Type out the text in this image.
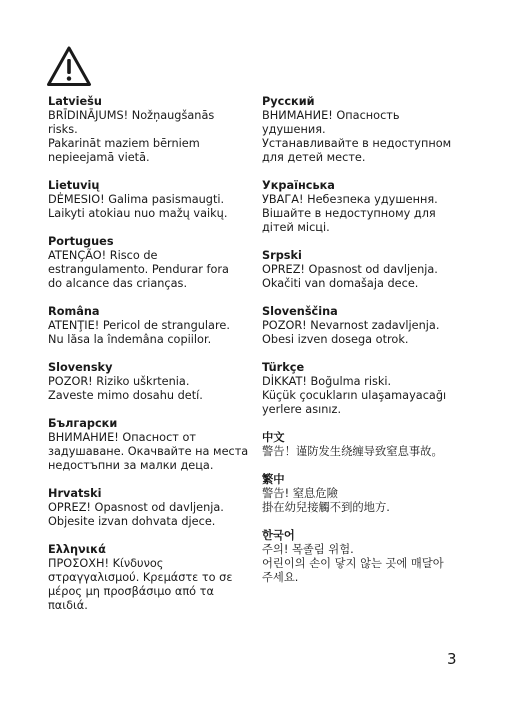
Latviešu

BRĪDINĀJUMS! Nožņaugšanās
risks.
Pakarināt maziem bērniem
nepieejamā vietā.

Lietuvių

DĖMESIO! Galima pasismaugti.
Laikyti atokiau nuo mažų vaikų.

Portugues

ATENÇÃO! Risco de
estrangulamento. Pendurar fora
do alcance das crianças.

Româna

ATENŢIE! Pericol de strangulare.
Nu lăsa la îndemâna copiilor.

Slovensky

POZOR! Riziko uškrtenia.
Zaveste mimo dosahu detí.

Български

ВНИМАНИЕ! Опасност от
задушаване. Окачвайте на места
недостъпни за малки деца.

Hrvatski

OPREZ! Opasnost od davljenja.
Objesite izvan dohvata djece.

Ελληνικά

ΠΡΟΣΟΧΗ! Κίνδυνος
στραγγαλισμού. Κρεμάστε το σε
μέρος μη προσβάσιμο από τα
παιδιά.

Русский

ВНИМАНИЕ! Опасность
удушения.
Устанавливайте в недоступном
для детей месте.

Українська

УВАГА! Небезпека удушення.
Вішайте в недоступному для
дітей місці.

Srpski

OPREZ! Opasnost od davljenja.
Okačiti van domašaja dece.

Slovenščina

POZOR! Nevarnost zadavljenja.
Obesi izven dosega otrok.

Türkçe

DİKKAT! Boğulma riski.
Küçük çocukların ulaşamayacağı
yerlere asınız.

中文

警告！谨防发生绕缠导致窒息事故。

繁中

警告! 窒息危險
掛在幼兒接觸不到的地方.

한국어

주의! 목졸림 위험.
어린이의 손이 닿지 않는 곳에 매달아
주세요.

3
